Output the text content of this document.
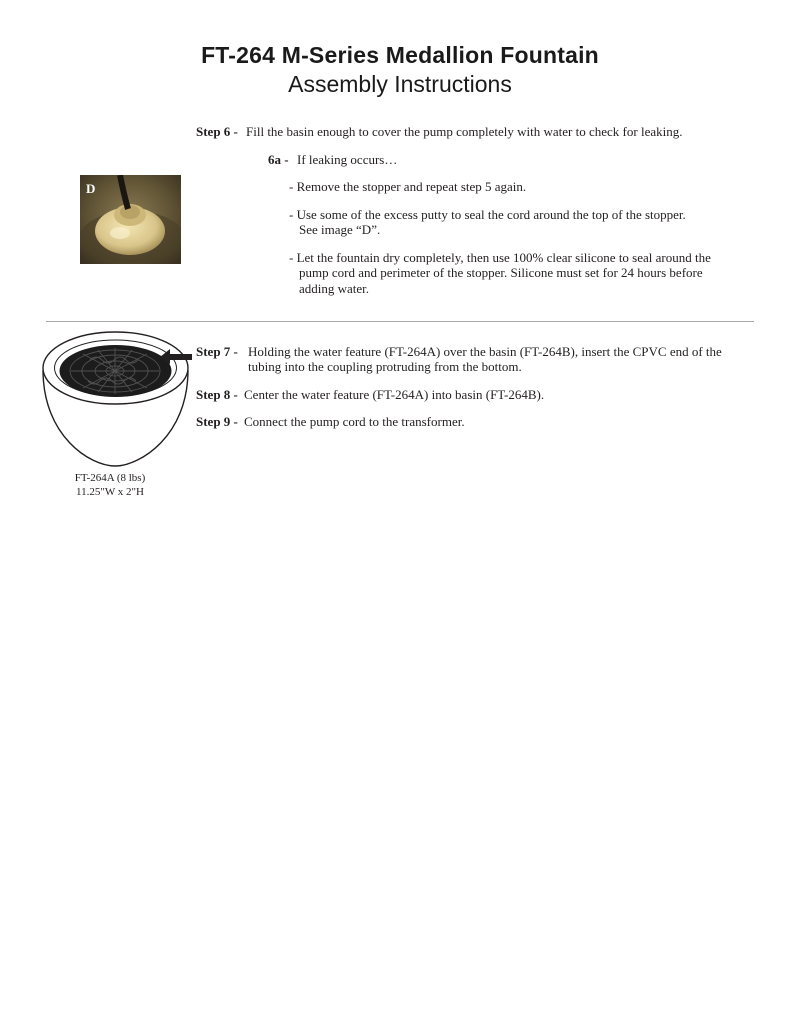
FT-264 M-Series Medallion Fountain
Assembly Instructions
Step 6 - Fill the basin enough to cover the pump completely with water to check for leaking.
6a - If leaking occurs…
- Remove the stopper and repeat step 5 again.
- Use some of the excess putty to seal the cord around the top of the stopper.
See image “D”.
- Let the fountain dry completely, then use 100% clear silicone to seal around the
pump cord and perimeter of the stopper. Silicone must set for 24 hours before
adding water.
D
FT-264A (8 lbs)
11.25"W x 2"H
Step 7 - Holding the water feature (FT-264A) over the basin (FT-264B), insert the CPVC end of the
tubing into the coupling protruding from the bottom.
Step 8 - Center the water feature (FT-264A) into basin (FT-264B).
Step 9 - Connect the pump cord to the transformer.
